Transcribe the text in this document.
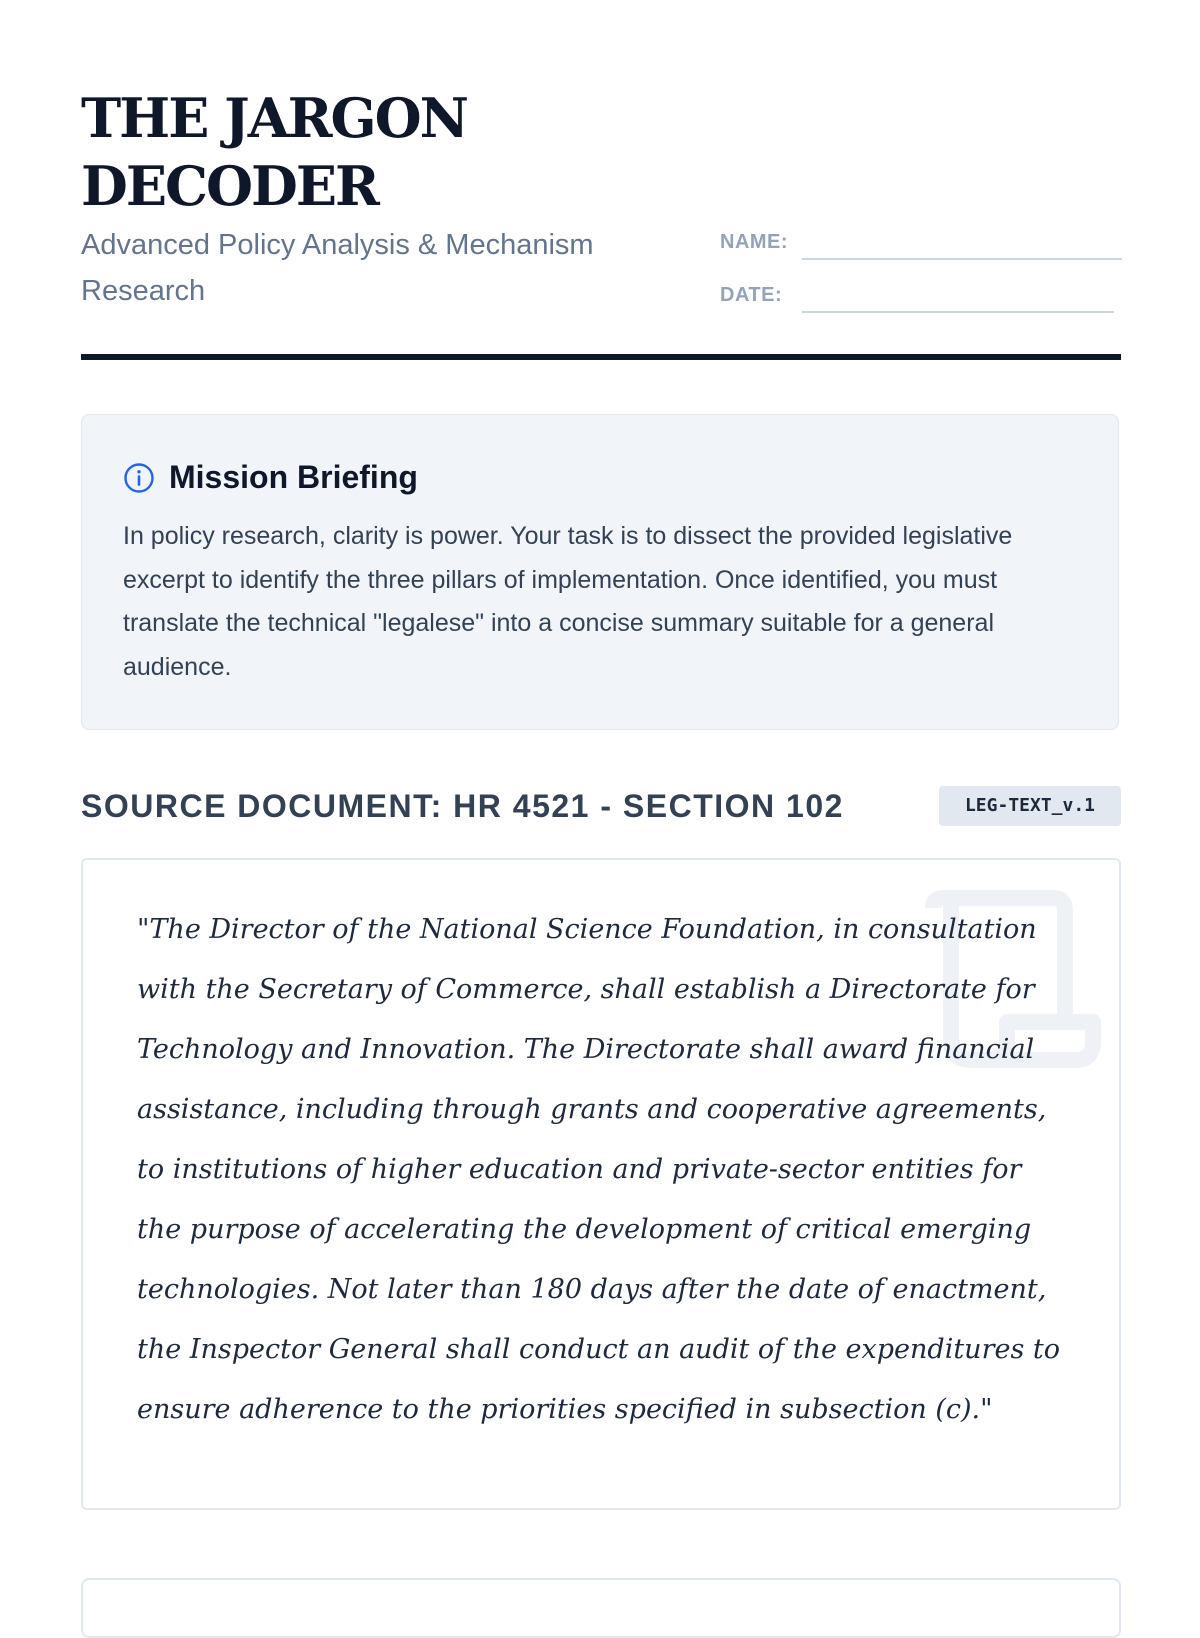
THE JARGON DECODER

Advanced Policy Analysis & Mechanism Research

NAME:
DATE:
Mission Briefing

In policy research, clarity is power. Your task is to dissect the provided legislative excerpt to identify the three pillars of implementation. Once identified, you must translate the technical "legalese" into a concise summary suitable for a general audience.

SOURCE DOCUMENT: HR 4521 - SECTION 102	LEG-TEXT_v.1

"The Director of the National Science Foundation, in consultation with the Secretary of Commerce, shall establish a Directorate for Technology and Innovation. The Directorate shall award financial assistance, including through grants and cooperative agreements, to institutions of higher education and private-sector entities for the purpose of accelerating the development of critical emerging technologies. Not later than 180 days after the date of enactment, the Inspector General shall conduct an audit of the expenditures to ensure adherence to the priorities specified in subsection (c)."
